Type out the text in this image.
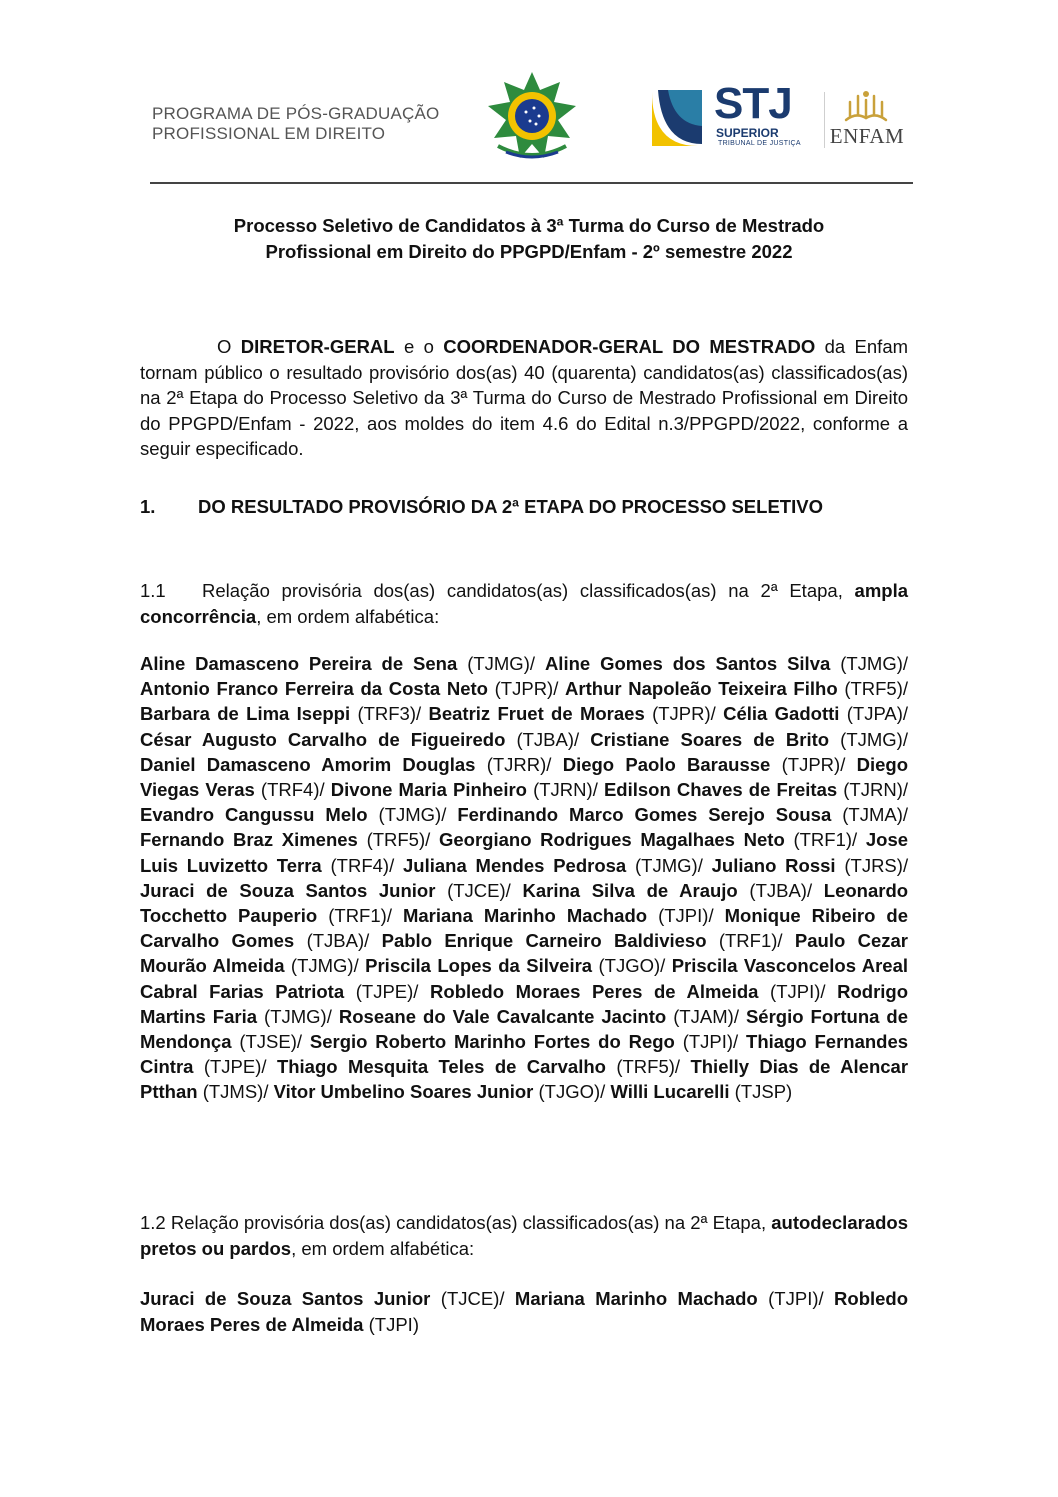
PROGRAMA DE PÓS-GRADUAÇÃO
PROFISSIONAL EM DIREITO
STJ
SUPERIOR
TRIBUNAL DE JUSTIÇA ENFAM
Processo Seletivo de Candidatos à 3ª Turma do Curso de Mestrado
Profissional em Direito do PPGPD/Enfam - 2º semestre 2022
O DIRETOR-GERAL e o COORDENADOR-GERAL DO MESTRADO da Enfam tornam público o resultado provisório dos(as) 40 (quarenta) candidatos(as) classificados(as) na 2ª Etapa do Processo Seletivo da 3ª Turma do Curso de Mestrado Profissional em Direito do PPGPD/Enfam - 2022, aos moldes do item 4.6 do Edital n.3/PPGPD/2022, conforme a seguir especificado.
1. DO RESULTADO PROVISÓRIO DA 2ª ETAPA DO PROCESSO SELETIVO
1.1 Relação provisória dos(as) candidatos(as) classificados(as) na 2ª Etapa, ampla concorrência, em ordem alfabética:
Aline Damasceno Pereira de Sena (TJMG)/ Aline Gomes dos Santos Silva (TJMG)/ Antonio Franco Ferreira da Costa Neto (TJPR)/ Arthur Napoleão Teixeira Filho (TRF5)/ Barbara de Lima Iseppi (TRF3)/ Beatriz Fruet de Moraes (TJPR)/ Célia Gadotti (TJPA)/ César Augusto Carvalho de Figueiredo (TJBA)/ Cristiane Soares de Brito (TJMG)/ Daniel Damasceno Amorim Douglas (TJRR)/ Diego Paolo Barausse (TJPR)/ Diego Viegas Veras (TRF4)/ Divone Maria Pinheiro (TJRN)/ Edilson Chaves de Freitas (TJRN)/ Evandro Cangussu Melo (TJMG)/ Ferdinando Marco Gomes Serejo Sousa (TJMA)/ Fernando Braz Ximenes (TRF5)/ Georgiano Rodrigues Magalhaes Neto (TRF1)/ Jose Luis Luvizetto Terra (TRF4)/ Juliana Mendes Pedrosa (TJMG)/ Juliano Rossi (TJRS)/ Juraci de Souza Santos Junior (TJCE)/ Karina Silva de Araujo (TJBA)/ Leonardo Tocchetto Pauperio (TRF1)/ Mariana Marinho Machado (TJPI)/ Monique Ribeiro de Carvalho Gomes (TJBA)/ Pablo Enrique Carneiro Baldivieso (TRF1)/ Paulo Cezar Mourão Almeida (TJMG)/ Priscila Lopes da Silveira (TJGO)/ Priscila Vasconcelos Areal Cabral Farias Patriota (TJPE)/ Robledo Moraes Peres de Almeida (TJPI)/ Rodrigo Martins Faria (TJMG)/ Roseane do Vale Cavalcante Jacinto (TJAM)/ Sérgio Fortuna de Mendonça (TJSE)/ Sergio Roberto Marinho Fortes do Rego (TJPI)/ Thiago Fernandes Cintra (TJPE)/ Thiago Mesquita Teles de Carvalho (TRF5)/ Thielly Dias de Alencar Ptthan (TJMS)/ Vitor Umbelino Soares Junior (TJGO)/ Willi Lucarelli (TJSP)
1.2 Relação provisória dos(as) candidatos(as) classificados(as) na 2ª Etapa, autodeclarados pretos ou pardos, em ordem alfabética:
Juraci de Souza Santos Junior (TJCE)/ Mariana Marinho Machado (TJPI)/ Robledo Moraes Peres de Almeida (TJPI)
